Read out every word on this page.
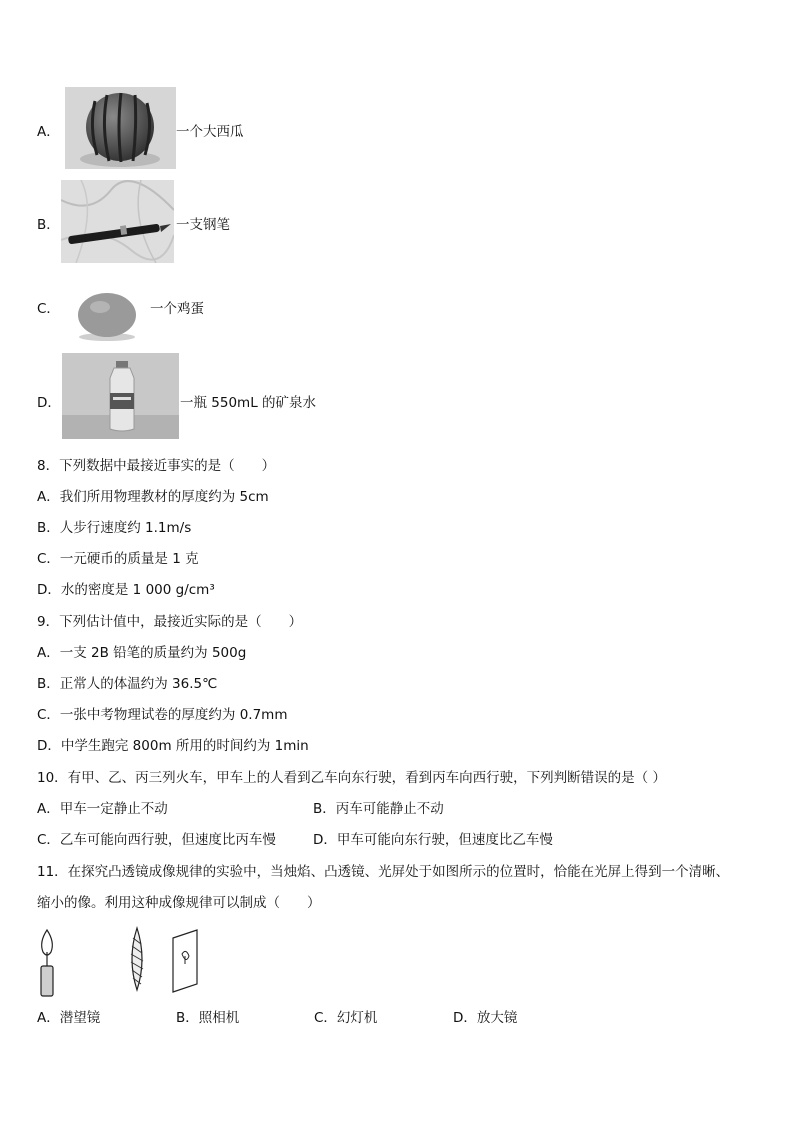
A．	一个大西瓜
B．	一支钢笔
C．	一个鸡蛋
D．	一瓶 550mL 的矿泉水
8．下列数据中最接近事实的是（　　）
A．我们所用物理教材的厚度约为 5cm
B．人步行速度约 1.1m/s
C．一元硬币的质量是 1 克
D．水的密度是 1 000 g/cm³
9．下列估计值中，最接近实际的是（　　）
A．一支 2B 铅笔的质量约为 500g
B．正常人的体温约为 36.5℃
C．一张中考物理试卷的厚度约为 0.7mm
D．中学生跑完 800m 所用的时间约为 1min
10．有甲、乙、丙三列火车，甲车上的人看到乙车向东行驶，看到丙车向西行驶，下列判断错误的是（ ）
A．甲车一定静止不动	B．丙车可能静止不动
C．乙车可能向西行驶，但速度比丙车慢	D．甲车可能向东行驶，但速度比乙车慢
11．在探究凸透镜成像规律的实验中，当烛焰、凸透镜、光屏处于如图所示的位置时，恰能在光屏上得到一个清晰、
缩小的像。利用这种成像规律可以制成（　　）
A．潜望镜	B．照相机	C．幻灯机	D．放大镜
